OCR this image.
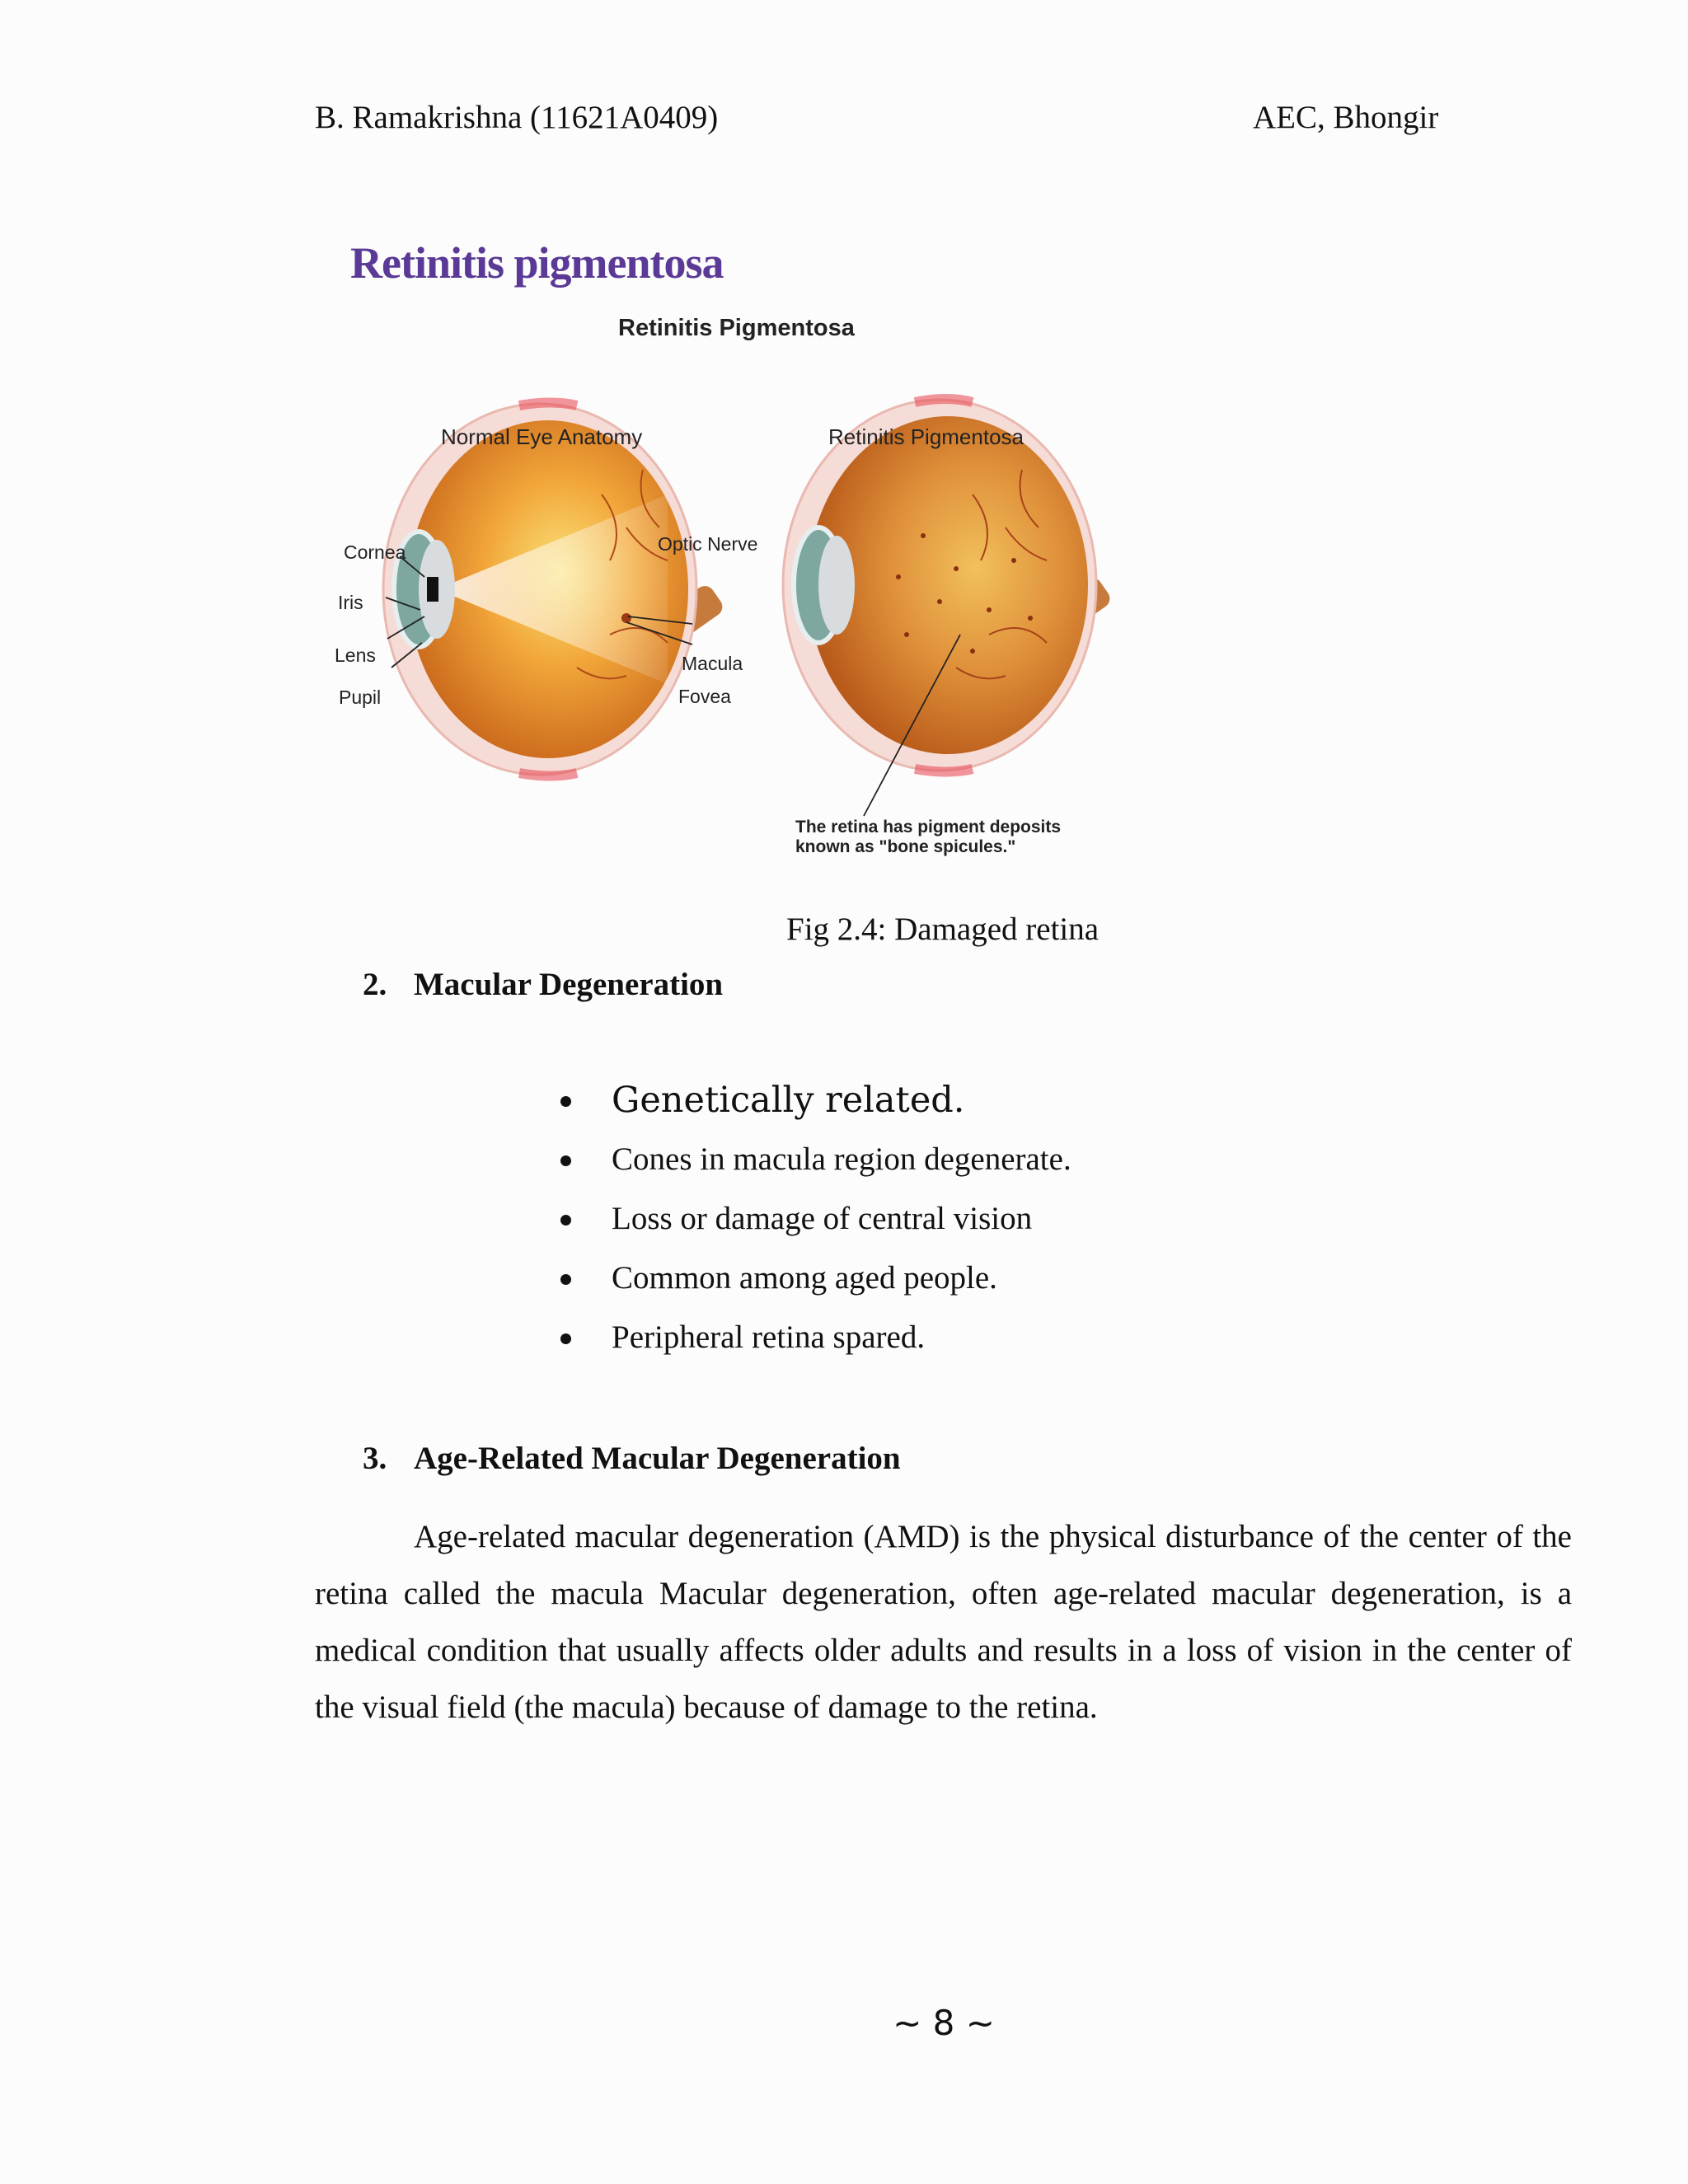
B. Ramakrishna (11621A0409)	AEC, Bhongir
Retinitis pigmentosa
Retinitis Pigmentosa
Normal Eye Anatomy	Retinitis Pigmentosa
Cornea
Iris
Lens
Pupil
Optic Nerve
Macula
Fovea
The retina has pigment deposits
known as "bone spicules."
Fig 2.4: Damaged retina
2. Macular Degeneration
Genetically related.
Cones in macula region degenerate.
Loss or damage of central vision
Common among aged people.
Peripheral retina spared.
3. Age-Related Macular Degeneration

Age-related macular degeneration (AMD) is the physical disturbance of the center of the retina called the macula Macular degeneration, often age-related macular degeneration, is a medical condition that usually affects older adults and results in a loss of vision in the center of the visual field (the macula) because of damage to the retina.

~ 8 ~
